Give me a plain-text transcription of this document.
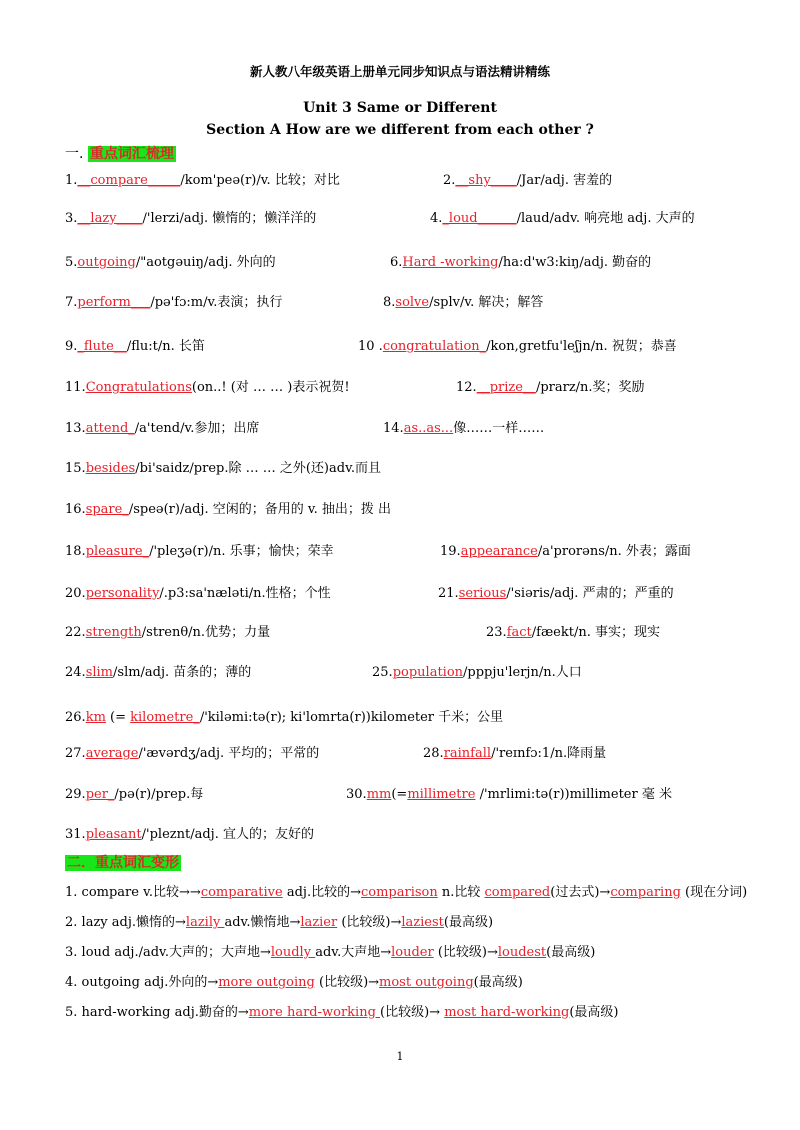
新人教八年级英语上册单元同步知识点与语法精讲精练
Unit 3 Same or Different
Section A How are we different from each other ?
一. 重点词汇梳理
1.__compare_____/kom'peə(r)/v. 比较；对比	2.__shy____/Jar/adj. 害羞的
3.__lazy____/'lerzi/adj. 懒惰的；懒洋洋的	4._loud______/laud/adv. 响亮地 adj. 大声的
5.outgoing/"aotgəuiŋ/adj. 外向的	6.Hard -working/ha:d'w3:kiŋ/adj. 勤奋的
7.perform___/pə'fɔ:m/v.表演；执行	8.solve/splv/v. 解决；解答
9._flute__/flu:t/n. 长笛	10 .congratulation_/kon,gretfu'leʃjn/n. 祝贺；恭喜
11.Congratulations(on..! (对 … … )表示祝贺!	12.__prize__/prarz/n.奖；奖励
13.attend_/a'tend/v.参加；出席	14.as..as...像……一样……
15.besides/bi'saidz/prep.除 … … 之外(还)adv.而且
16.spare_/speə(r)/adj. 空闲的；备用的 v. 抽出；拨 出
18.pleasure_/'pleʒə(r)/n. 乐事；愉快；荣幸	19.appearance/a'prorəns/n. 外表；露面
20.personality/.p3:sa'næləti/n.性格；个性	21.serious/'siəris/adj. 严肃的；严重的
22.strength/strenθ/n.优势；力量	23.fact/fæekt/n. 事实；现实
24.slim/slm/adj. 苗条的；薄的	25.population/pppju'lerjn/n.人口
26.km (= kilometre_/'kiləmi:tə(r); ki'lomrta(r))kilometer 千米；公里
27.average/'ævərdʒ/adj. 平均的；平常的	28.rainfall/'reɪnfɔ:1/n.降雨量
29.per_/pə(r)/prep.每	30.mm(=millimetre /'mrlimi:tə(r))millimeter 毫 米
31.pleasant/'pleznt/adj. 宜人的；友好的
二．重点词汇变形
1. compare v.比较→→comparative adj.比较的→comparison n.比较 compared(过去式)→comparing (现在分词)
2. lazy adj.懒惰的→lazily adv.懒惰地→lazier (比较级)→laziest(最高级)
3. loud adj./adv.大声的；大声地→loudly adv.大声地→louder (比较级)→loudest(最高级)
4. outgoing adj.外向的→more outgoing (比较级)→most outgoing(最高级)
5. hard-working adj.勤奋的→more hard-working (比较级)→ most hard-working(最高级)
1
